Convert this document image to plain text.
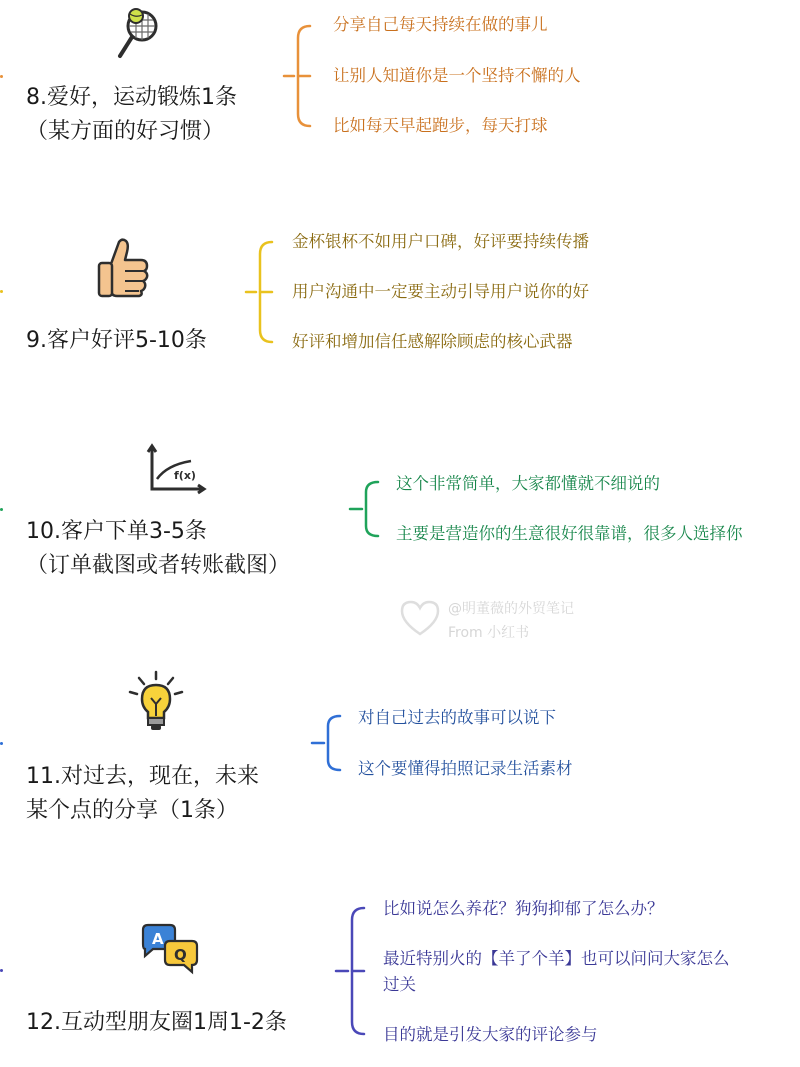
8.爱好，运动锻炼1条
（某方面的好习惯）
分享自己每天持续在做的事儿
让别人知道你是一个坚持不懈的人
比如每天早起跑步，每天打球
9.客户好评5-10条
金杯银杯不如用户口碑，好评要持续传播
用户沟通中一定要主动引导用户说你的好
好评和增加信任感解除顾虑的核心武器
f(x)
10.客户下单3-5条
（订单截图或者转账截图）
这个非常简单，大家都懂就不细说的
主要是营造你的生意很好很靠谱，很多人选择你
@明董薇的外贸笔记
From 小红书
11.对过去，现在，未来
某个点的分享（1条）
对自己过去的故事可以说下
这个要懂得拍照记录生活素材
A
Q
12.互动型朋友圈1周1-2条
比如说怎么养花？狗狗抑郁了怎么办？
最近特别火的【羊了个羊】也可以问问大家怎么
过关
目的就是引发大家的评论参与
